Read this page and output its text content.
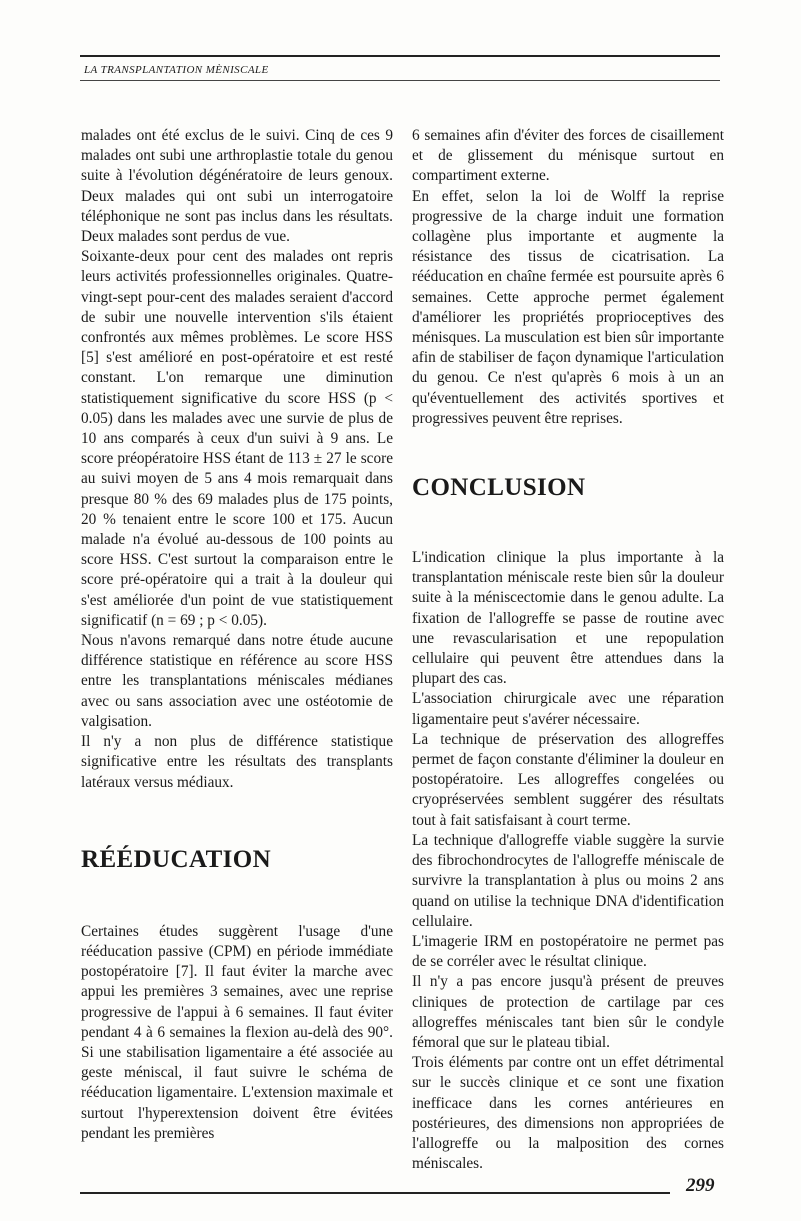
LA TRANSPLANTATION MÈNISCALE

malades ont été exclus de le suivi. Cinq de ces 9 malades ont subi une arthroplastie totale du genou suite à l'évolution dégénératoire de leurs genoux. Deux malades qui ont subi un interrogatoire téléphonique ne sont pas inclus dans les résultats. Deux malades sont perdus de vue.

Soixante-deux pour cent des malades ont repris leurs activités professionnelles originales. Quatre-vingt-sept pour-cent des malades seraient d'accord de subir une nouvelle intervention s'ils étaient confrontés aux mêmes problèmes. Le score HSS [5] s'est amélioré en post-opératoire et est resté constant. L'on remarque une diminution statistiquement significative du score HSS (p < 0.05) dans les malades avec une survie de plus de 10 ans comparés à ceux d'un suivi à 9 ans. Le score préopératoire HSS étant de 113 ± 27 le score au suivi moyen de 5 ans 4 mois remarquait dans presque 80 % des 69 malades plus de 175 points, 20 % tenaient entre le score 100 et 175. Aucun malade n'a évolué au-dessous de 100 points au score HSS. C'est surtout la comparaison entre le score pré-opératoire qui a trait à la douleur qui s'est améliorée d'un point de vue statistiquement significatif (n = 69 ; p < 0.05).

Nous n'avons remarqué dans notre étude aucune différence statistique en référence au score HSS entre les transplantations méniscales médianes avec ou sans association avec une ostéotomie de valgisation.

Il n'y a non plus de différence statistique significative entre les résultats des transplants latéraux versus médiaux.

RÉÉDUCATION

Certaines études suggèrent l'usage d'une rééducation passive (CPM) en période immédiate postopératoire [7]. Il faut éviter la marche avec appui les premières 3 semaines, avec une reprise progressive de l'appui à 6 semaines. Il faut éviter pendant 4 à 6 semaines la flexion au-delà des 90°. Si une stabilisation ligamentaire a été associée au geste méniscal, il faut suivre le schéma de rééducation ligamentaire. L'extension maximale et surtout l'hyperextension doivent être évitées pendant les premières

6 semaines afin d'éviter des forces de cisaillement et de glissement du ménisque surtout en compartiment externe.

En effet, selon la loi de Wolff la reprise progressive de la charge induit une formation collagène plus importante et augmente la résistance des tissus de cicatrisation. La rééducation en chaîne fermée est poursuite après 6 semaines. Cette approche permet également d'améliorer les propriétés proprioceptives des ménisques. La musculation est bien sûr importante afin de stabiliser de façon dynamique l'articulation du genou. Ce n'est qu'après 6 mois à un an qu'éventuellement des activités sportives et progressives peuvent être reprises.

CONCLUSION

L'indication clinique la plus importante à la transplantation méniscale reste bien sûr la douleur suite à la méniscectomie dans le genou adulte. La fixation de l'allogreffe se passe de routine avec une revascularisation et une repopulation cellulaire qui peuvent être attendues dans la plupart des cas.

L'association chirurgicale avec une réparation ligamentaire peut s'avérer nécessaire.

La technique de préservation des allogreffes permet de façon constante d'éliminer la douleur en postopératoire. Les allogreffes congelées ou cryopréservées semblent suggérer des résultats tout à fait satisfaisant à court terme.

La technique d'allogreffe viable suggère la survie des fibrochondrocytes de l'allogreffe méniscale de survivre la transplantation à plus ou moins 2 ans quand on utilise la technique DNA d'identification cellulaire.

L'imagerie IRM en postopératoire ne permet pas de se corréler avec le résultat clinique.

Il n'y a pas encore jusqu'à présent de preuves cliniques de protection de cartilage par ces allogreffes méniscales tant bien sûr le condyle fémoral que sur le plateau tibial.

Trois éléments par contre ont un effet détrimental sur le succès clinique et ce sont une fixation inefficace dans les cornes antérieures en postérieures, des dimensions non appropriées de l'allogreffe ou la malposition des cornes méniscales.

299
